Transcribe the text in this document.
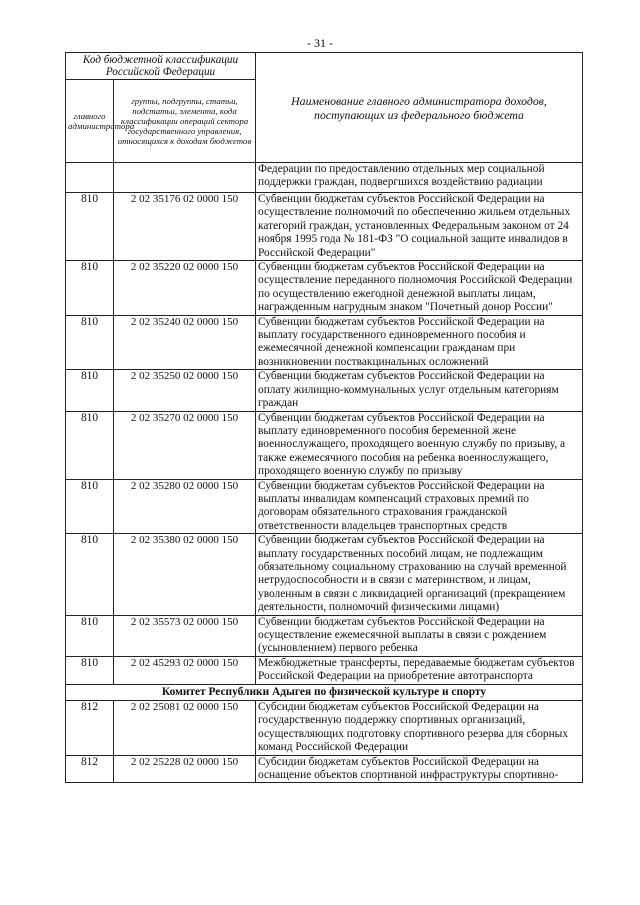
- 31 -
Код бюджетной классификации Российской Федерации		Наименование главного администратора доходов, поступающих из федерального бюджета
главного администратора	группы, подгруппы, статьи, подстатьи, элемента, кода классификации операций сектора государственного управления, относящихся к доходам бюджетов	
		Федерации по предоставлению отдельных мер социальной поддержки граждан, подвергшихся воздействию радиации
810	2 02 35176 02 0000 150	Субвенции бюджетам субъектов Российской Федерации на осуществление полномочий по обеспечению жильем отдельных категорий граждан, установленных Федеральным законом от 24 ноября 1995 года № 181-ФЗ "О социальной защите инвалидов в Российской Федерации"
810	2 02 35220 02 0000 150	Субвенции бюджетам субъектов Российской Федерации на осуществление переданного полномочия Российской Федерации по осуществлению ежегодной денежной выплаты лицам, награжденным нагрудным знаком "Почетный донор России"
810	2 02 35240 02 0000 150	Субвенции бюджетам субъектов Российской Федерации на выплату государственного единовременного пособия и ежемесячной денежной компенсации гражданам при возникновении поствакцинальных осложнений
810	2 02 35250 02 0000 150	Субвенции бюджетам субъектов Российской Федерации на оплату жилищно-коммунальных услуг отдельным категориям граждан
810	2 02 35270 02 0000 150	Субвенции бюджетам субъектов Российской Федерации на выплату единовременного пособия беременной жене военнослужащего, проходящего военную службу по призыву, а также ежемесячного пособия на ребенка военнослужащего, проходящего военную службу по призыву
810	2 02 35280 02 0000 150	Субвенции бюджетам субъектов Российской Федерации на выплаты инвалидам компенсаций страховых премий по договорам обязательного страхования гражданской ответственности владельцев транспортных средств
810	2 02 35380 02 0000 150	Субвенции бюджетам субъектов Российской Федерации на выплату государственных пособий лицам, не подлежащим обязательному социальному страхованию на случай временной нетрудоспособности и в связи с материнством, и лицам, уволенным в связи с ликвидацией организаций (прекращением деятельности, полномочий физическими лицами)
810	2 02 35573 02 0000 150	Субвенции бюджетам субъектов Российской Федерации на осуществление ежемесячной выплаты в связи с рождением (усыновлением) первого ребенка
810	2 02 45293 02 0000 150	Межбюджетные трансферты, передаваемые бюджетам субъектов Российской Федерации на приобретение автотранспорта
Комитет Республики Адыгея по физической культуре и спорту		
812	2 02 25081 02 0000 150	Субсидии бюджетам субъектов Российской Федерации на государственную поддержку спортивных организаций, осуществляющих подготовку спортивного резерва для сборных команд Российской Федерации
812	2 02 25228 02 0000 150	Субсидии бюджетам субъектов Российской Федерации на оснащение объектов спортивной инфраструктуры спортивно-
